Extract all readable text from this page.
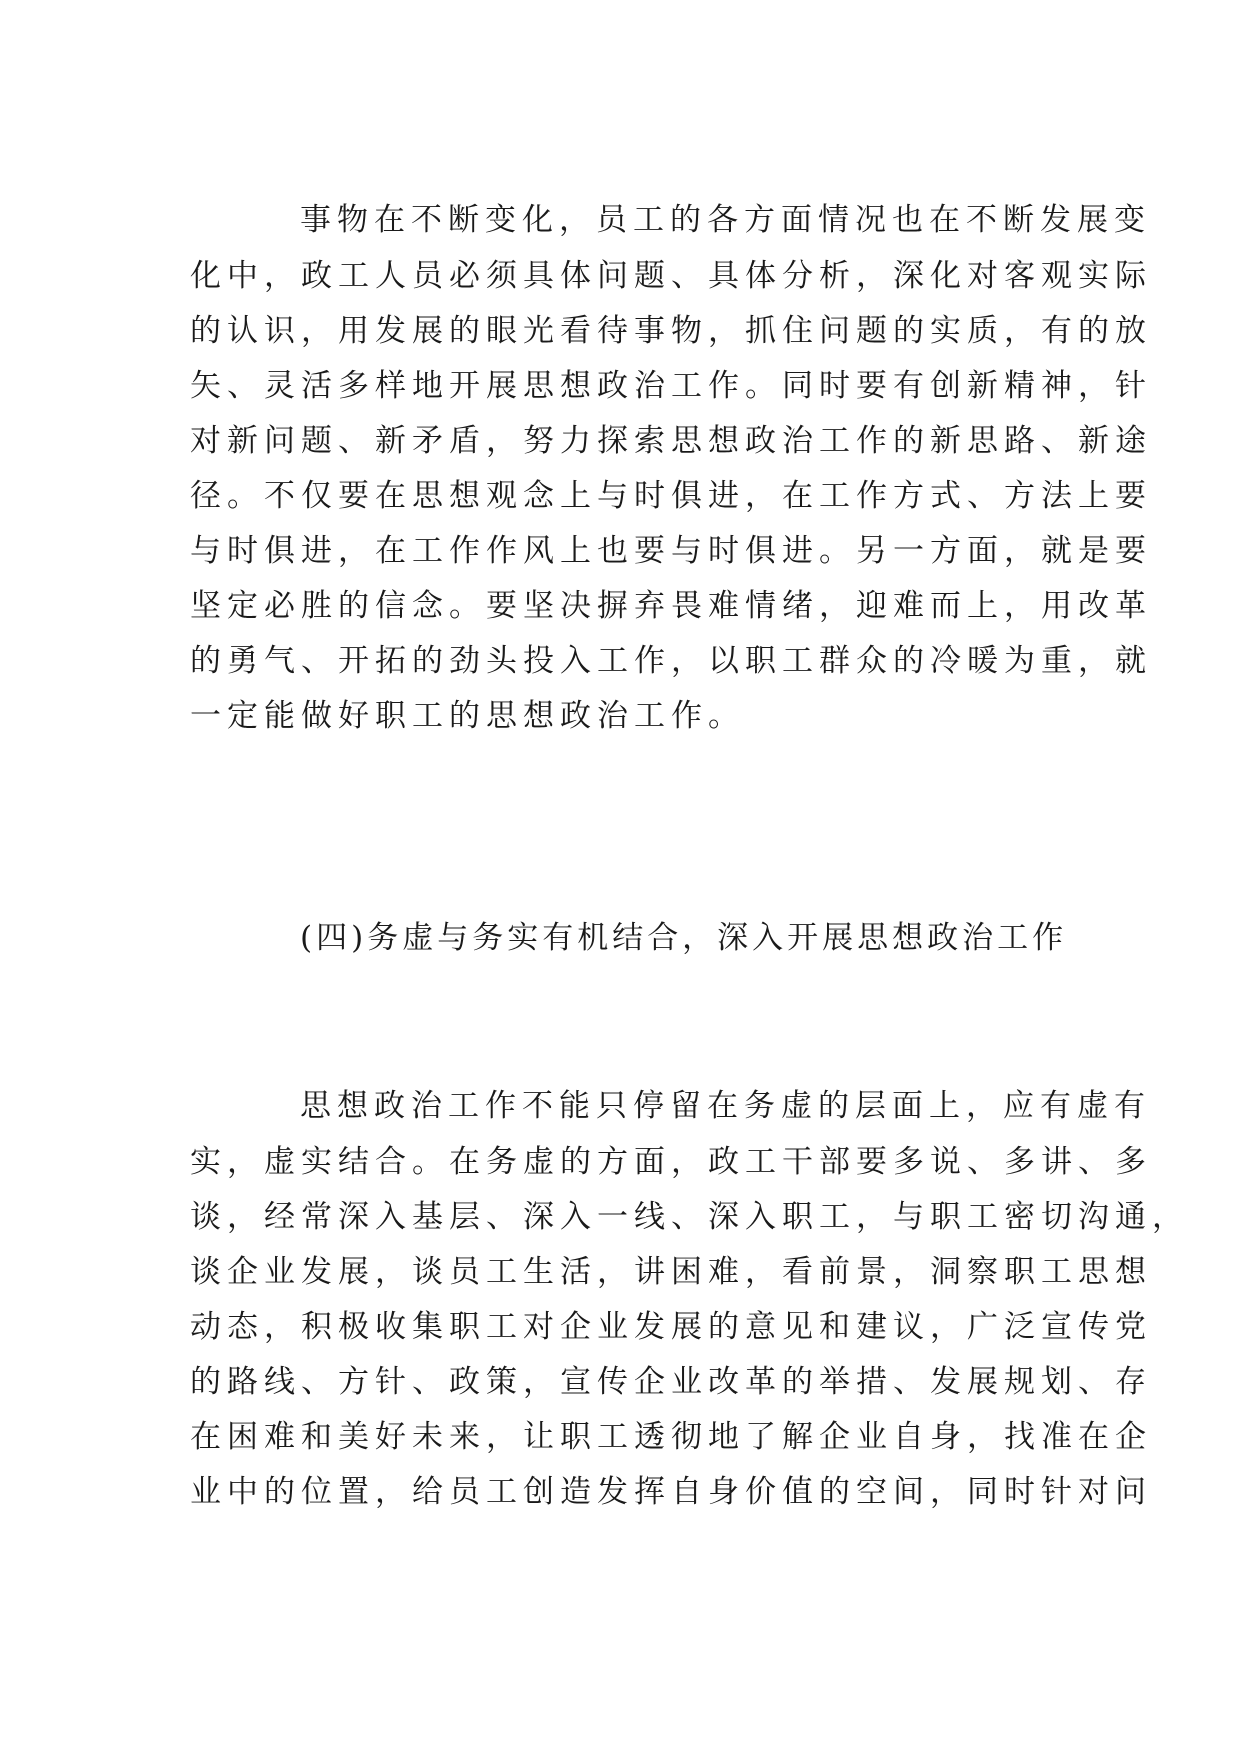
事物在不断变化，员工的各方面情况也在不断发展变
化中，政工人员必须具体问题、具体分析，深化对客观实际
的认识，用发展的眼光看待事物，抓住问题的实质，有的放
矢、灵活多样地开展思想政治工作。同时要有创新精神，针
对新问题、新矛盾，努力探索思想政治工作的新思路、新途
径。不仅要在思想观念上与时俱进，在工作方式、方法上要
与时俱进，在工作作风上也要与时俱进。另一方面，就是要
坚定必胜的信念。要坚决摒弃畏难情绪，迎难而上，用改革
的勇气、开拓的劲头投入工作，以职工群众的冷暖为重，就
一定能做好职工的思想政治工作。
(四)务虚与务实有机结合，深入开展思想政治工作
思想政治工作不能只停留在务虚的层面上，应有虚有
实，虚实结合。在务虚的方面，政工干部要多说、多讲、多
谈，经常深入基层、深入一线、深入职工，与职工密切沟通，
谈企业发展，谈员工生活，讲困难，看前景，洞察职工思想
动态，积极收集职工对企业发展的意见和建议，广泛宣传党
的路线、方针、政策，宣传企业改革的举措、发展规划、存
在困难和美好未来，让职工透彻地了解企业自身，找准在企
业中的位置，给员工创造发挥自身价值的空间，同时针对问
